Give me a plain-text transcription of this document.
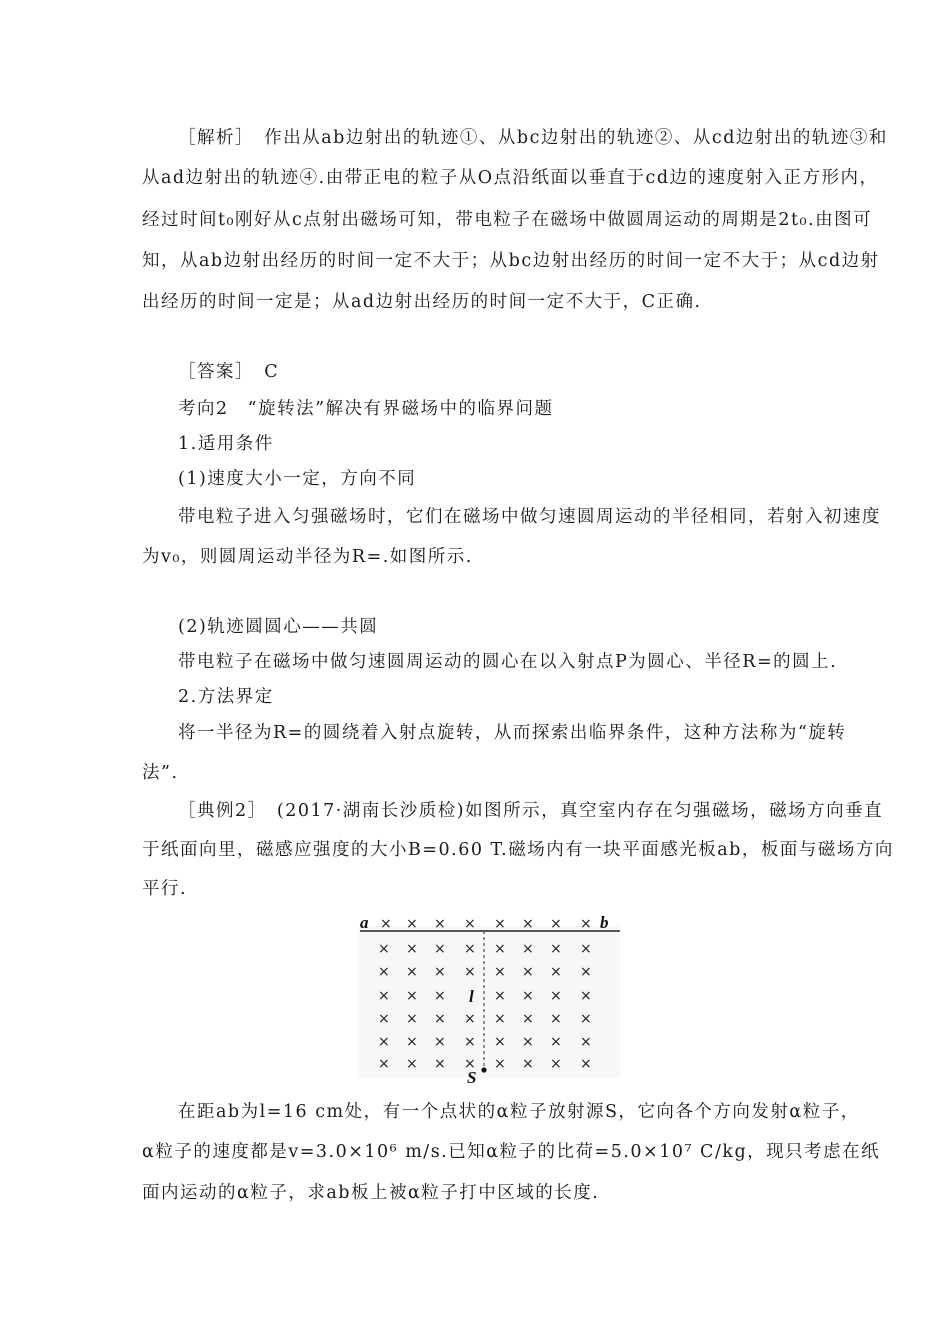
［解析］　作出从ab边射出的轨迹①、从bc边射出的轨迹②、从cd边射出的轨迹③和
从ad边射出的轨迹④.由带正电的粒子从O点沿纸面以垂直于cd边的速度射入正方形内，
经过时间t₀刚好从c点射出磁场可知，带电粒子在磁场中做圆周运动的周期是2t₀.由图可
知，从ab边射出经历的时间一定不大于；从bc边射出经历的时间一定不大于；从cd边射
出经历的时间一定是；从ad边射出经历的时间一定不大于，C正确.
［答案］　C
考向2　“旋转法”解决有界磁场中的临界问题
1.适用条件
(1)速度大小一定，方向不同
带电粒子进入匀强磁场时，它们在磁场中做匀速圆周运动的半径相同，若射入初速度
为v₀，则圆周运动半径为R=.如图所示.
(2)轨迹圆圆心——共圆
带电粒子在磁场中做匀速圆周运动的圆心在以入射点P为圆心、半径R=的圆上.
2.方法界定
将一半径为R=的圆绕着入射点旋转，从而探索出临界条件，这种方法称为“旋转
法”.
［典例2］　(2017·湖南长沙质检)如图所示，真空室内存在匀强磁场，磁场方向垂直
于纸面向里，磁感应强度的大小B=0.60 T.磁场内有一块平面感光板ab，板面与磁场方向
平行.
× × × × × × × ×
× × × × × × × ×
× × × × × × × ×
× × ×	× × × ×
× × × × × × × ×
× × × × × × × ×
× × × × × × × ×
a	b
l
S
在距ab为l=16 cm处，有一个点状的α粒子放射源S，它向各个方向发射α粒子，
α粒子的速度都是v=3.0×10⁶ m/s.已知α粒子的比荷=5.0×10⁷ C/kg，现只考虑在纸
面内运动的α粒子，求ab板上被α粒子打中区域的长度.
